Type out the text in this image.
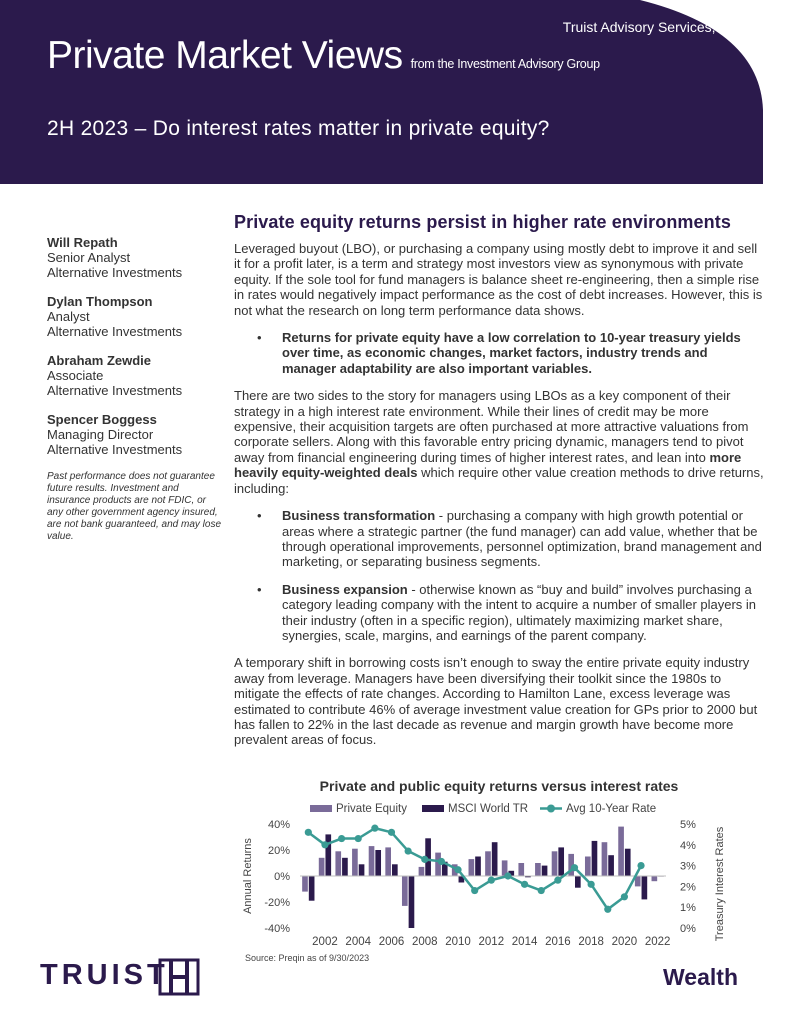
Truist Advisory Services, Inc.
Private Market Views from the Investment Advisory Group
2H 2023 – Do interest rates matter in private equity?
Will Repath
Senior Analyst
Alternative Investments
Dylan Thompson
Analyst
Alternative Investments
Abraham Zewdie
Associate
Alternative Investments
Spencer Boggess
Managing Director
Alternative Investments
Past performance does not guarantee future results. Investment and insurance products are not FDIC, or any other government agency insured, are not bank guaranteed, and may lose value.
Private equity returns persist in higher rate environments

Leveraged buyout (LBO), or purchasing a company using mostly debt to improve it and sell it for a profit later, is a term and strategy most investors view as synonymous with private equity. If the sole tool for fund managers is balance sheet re-engineering, then a simple rise in rates would negatively impact performance as the cost of debt increases. However, this is not what the research on long term performance data shows.

• Returns for private equity have a low correlation to 10-year treasury yields over time, as economic changes, market factors, industry trends and manager adaptability are also important variables.

There are two sides to the story for managers using LBOs as a key component of their strategy in a high interest rate environment. While their lines of credit may be more expensive, their acquisition targets are often purchased at more attractive valuations from corporate sellers. Along with this favorable entry pricing dynamic, managers tend to pivot away from financial engineering during times of higher interest rates, and lean into more heavily equity-weighted deals which require other value creation methods to drive returns, including:

• Business transformation - purchasing a company with high growth potential or areas where a strategic partner (the fund manager) can add value, whether that be through operational improvements, personnel optimization, brand management and marketing, or separating business segments.
• Business expansion - otherwise known as “buy and build” involves purchasing a category leading company with the intent to acquire a number of smaller players in their industry (often in a specific region), ultimately maximizing market share, synergies, scale, margins, and earnings of the parent company.

A temporary shift in borrowing costs isn’t enough to sway the entire private equity industry away from leverage. Managers have been diversifying their toolkit since the 1980s to mitigate the effects of rate changes. According to Hamilton Lane, excess leverage was estimated to contribute 46% of average investment value creation for GPs prior to 2000 but has fallen to 22% in the last decade as revenue and margin growth have become more prevalent areas of focus.

Private and public equity returns versus interest rates
Private Equity	MSCI World TR	Avg 10-Year Rate
40%
20%
0%
-20%
-40%
5%
4%
3%
2%
1%
0%
Annual Returns	Treasury Interest Rates
2002 2004 2006 2008 2010 2012 2014 2016 2018 2020 2022
Source: Preqin as of 9/30/2023
TRUIST	Wealth
